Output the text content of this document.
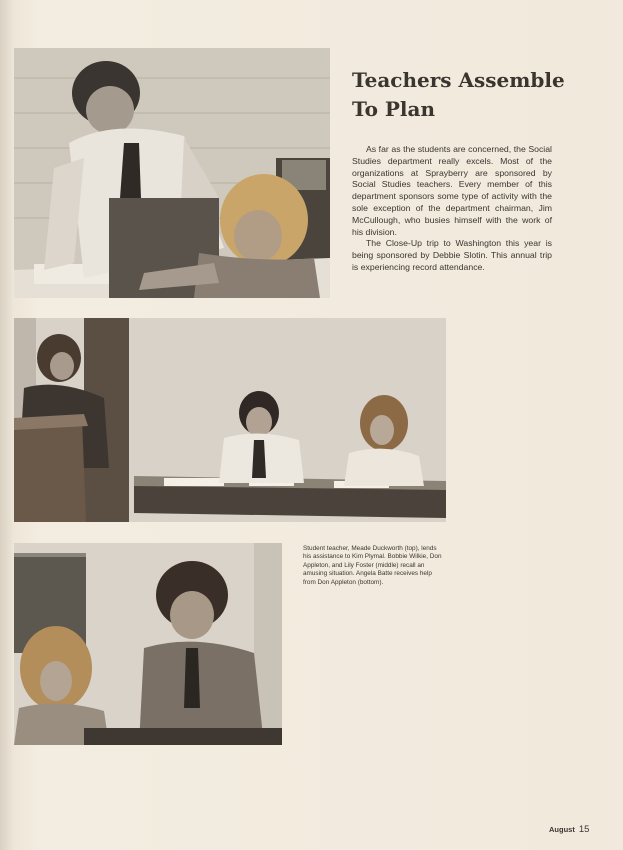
Teachers Assemble
To Plan

As far as the students are concerned, the Social Studies department really excels. Most of the organizations at Sprayberry are sponsored by Social Studies teachers. Every member of this department sponsors some type of activity with the sole exception of the department chairman, Jim McCullough, who busies himself with the work of his division.

The Close-Up trip to Washington this year is being sponsored by Debbie Slotin. This annual trip is experiencing record attendance.

Student teacher, Meade Duckworth (top), lends his assistance to Kim Plymal. Bobbie Wilkie, Don Appleton, and Lily Foster (middle) recall an amusing situation. Angela Batte receives help from Don Appleton (bottom).
August 15
